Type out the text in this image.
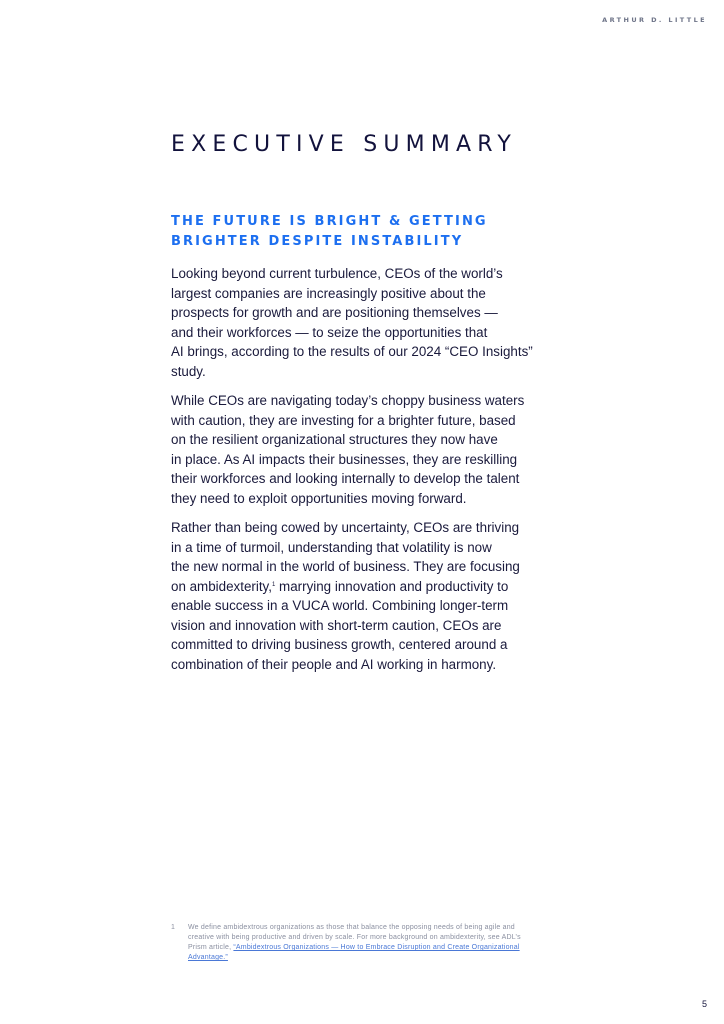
ARTHUR D. LITTLE
EXECUTIVE SUMMARY
THE FUTURE IS BRIGHT & GETTING
BRIGHTER DESPITE INSTABILITY

Looking beyond current turbulence, CEOs of the world’s
largest companies are increasingly positive about the
prospects for growth and are positioning themselves —
and their workforces — to seize the opportunities that
AI brings, according to the results of our 2024 “CEO Insights”
study.

While CEOs are navigating today’s choppy business waters
with caution, they are investing for a brighter future, based
on the resilient organizational structures they now have
in place. As AI impacts their businesses, they are reskilling
their workforces and looking internally to develop the talent
they need to exploit opportunities moving forward.

Rather than being cowed by uncertainty, CEOs are thriving
in a time of turmoil, understanding that volatility is now
the new normal in the world of business. They are focusing
on ambidexterity,$^1$ marrying innovation and productivity to
enable success in a VUCA world. Combining longer-term
vision and innovation with short-term caution, CEOs are
committed to driving business growth, centered around a
combination of their people and AI working in harmony.

1 We define ambidextrous organizations as those that balance the opposing needs of being agile and
creative with being productive and driven by scale. For more background on ambidexterity, see ADL’s
Prism article, “Ambidextrous Organizations — How to Embrace Disruption and Create Organizational
Advantage.”
5
